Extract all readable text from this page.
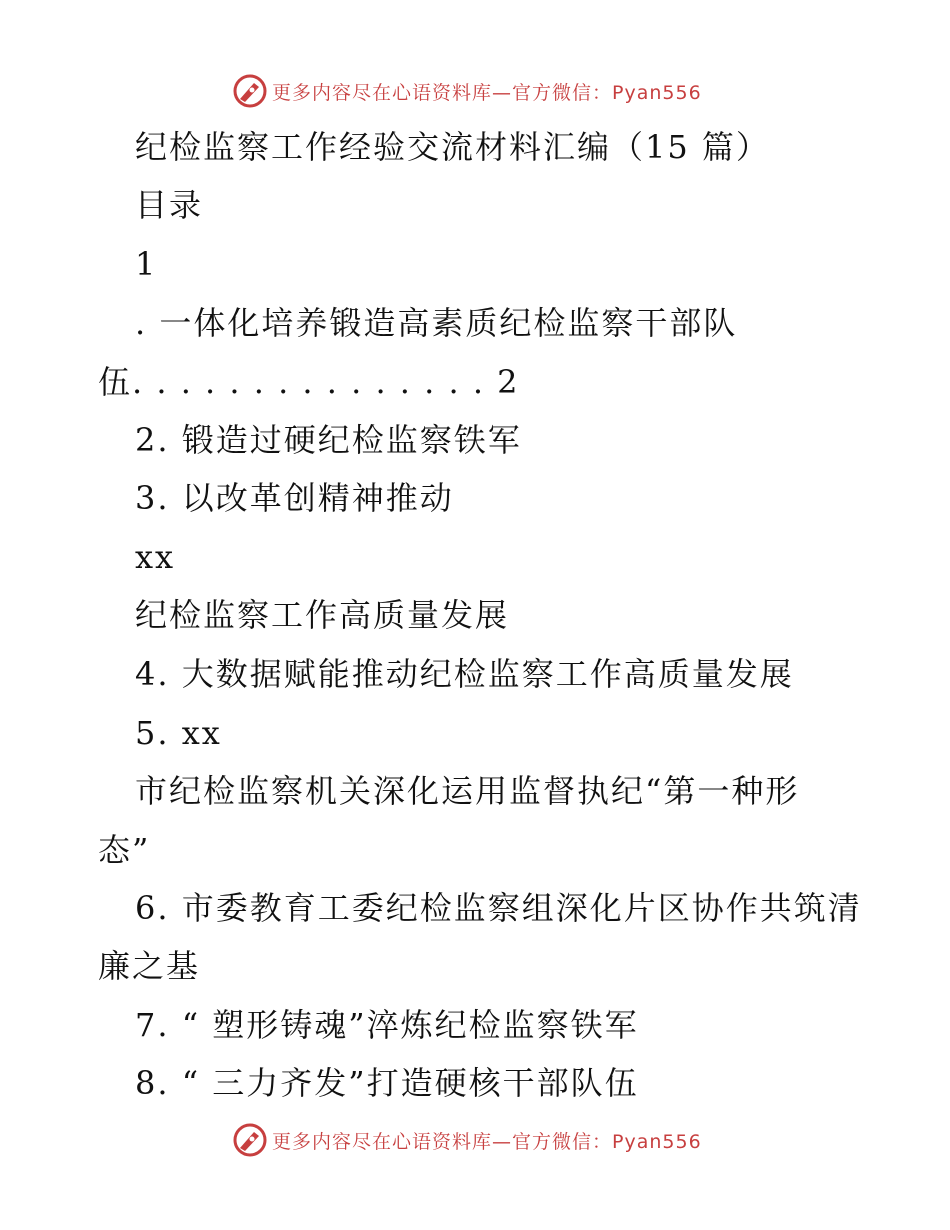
更多内容尽在心语资料库—官方微信：Pyan556
纪检监察工作经验交流材料汇编（15 篇）
目录
1
. 一体化培养锻造高素质纪检监察干部队
伍. . . . . . . . . . . . . . . 2
2. 锻造过硬纪检监察铁军
3. 以改革创精神推动
xx
纪检监察工作高质量发展
4. 大数据赋能推动纪检监察工作高质量发展
5. xx
市纪检监察机关深化运用监督执纪“第一种形
态”
6. 市委教育工委纪检监察组深化片区协作共筑清
廉之基
7. “ 塑形铸魂”淬炼纪检监察铁军
8. “ 三力齐发”打造硬核干部队伍
更多内容尽在心语资料库—官方微信：Pyan556
